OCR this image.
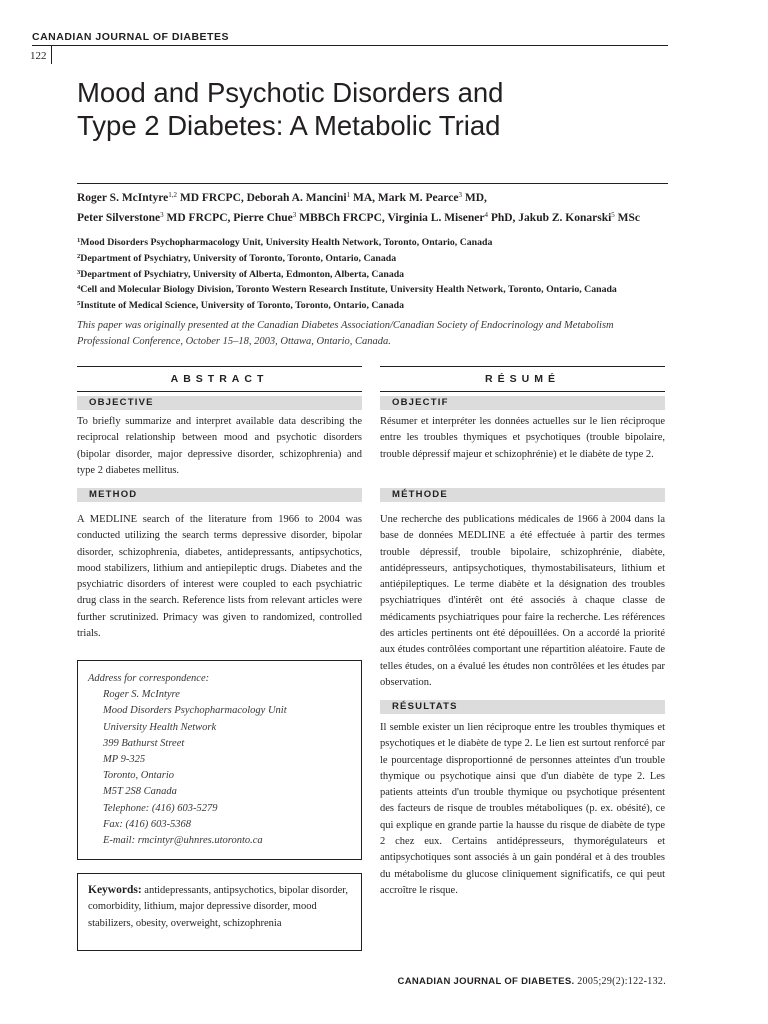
CANADIAN JOURNAL OF DIABETES
122
Mood and Psychotic Disorders and
Type 2 Diabetes: A Metabolic Triad
Roger S. McIntyre$^{1,2}$ MD FRCPC, Deborah A. Mancini$^1$ MA, Mark M. Pearce$^3$ MD,
Peter Silverstone$^3$ MD FRCPC, Pierre Chue$^3$ MBBCh FRCPC, Virginia L. Misener$^4$ PhD, Jakub Z. Konarski$^5$ MSc
$^1$Mood Disorders Psychopharmacology Unit, University Health Network, Toronto, Ontario, Canada
$^2$Department of Psychiatry, University of Toronto, Toronto, Ontario, Canada
$^3$Department of Psychiatry, University of Alberta, Edmonton, Alberta, Canada
$^4$Cell and Molecular Biology Division, Toronto Western Research Institute, University Health Network, Toronto, Ontario, Canada
$^5$Institute of Medical Science, University of Toronto, Toronto, Ontario, Canada
This paper was originally presented at the Canadian Diabetes Association/Canadian Society of Endocrinology and Metabolism
Professional Conference, October 15–18, 2003, Ottawa, Ontario, Canada.
ABSTRACT
OBJECTIVE
To briefly summarize and interpret available data describing the reciprocal relationship between mood and psychotic disorders (bipolar disorder, major depressive disorder, schizophrenia) and type 2 diabetes mellitus.
METHOD
A MEDLINE search of the literature from 1966 to 2004 was conducted utilizing the search terms depressive disorder, bipolar disorder, schizophrenia, diabetes, antidepressants, antipsychotics, mood stabilizers, lithium and antiepileptic drugs. Diabetes and the psychiatric disorders of interest were coupled to each psychiatric drug class in the search. Reference lists from relevant articles were further scrutinized. Primacy was given to randomized, controlled trials.
Address for correspondence:
Roger S. McIntyre
Mood Disorders Psychopharmacology Unit
University Health Network
399 Bathurst Street
MP 9-325
Toronto, Ontario
M5T 2S8 Canada
Telephone: (416) 603-5279
Fax: (416) 603-5368
E-mail: rmcintyr@uhnres.utoronto.ca
Keywords: antidepressants, antipsychotics, bipolar disorder, comorbidity, lithium, major depressive disorder, mood stabilizers, obesity, overweight, schizophrenia
RÉSUMÉ
OBJECTIF
Résumer et interpréter les données actuelles sur le lien réciproque entre les troubles thymiques et psychotiques (trouble bipolaire, trouble dépressif majeur et schizophrénie) et le diabète de type 2.
MÉTHODE
Une recherche des publications médicales de 1966 à 2004 dans la base de données MEDLINE a été effectuée à partir des termes trouble dépressif, trouble bipolaire, schizophrénie, diabète, antidépresseurs, antipsychotiques, thymostabilisateurs, lithium et antiépileptiques. Le terme diabète et la désignation des troubles psychiatriques d'intérêt ont été associés à chaque classe de médicaments psychiatriques pour faire la recherche. Les références des articles pertinents ont été dépouillées. On a accordé la priorité aux études contrôlées comportant une répartition aléatoire. Faute de telles études, on a évalué les études non contrôlées et les études par observation.
RÉSULTATS
Il semble exister un lien réciproque entre les troubles thymiques et psychotiques et le diabète de type 2. Le lien est surtout renforcé par le pourcentage disproportionné de personnes atteintes d'un trouble thymique ou psychotique ainsi que d'un diabète de type 2. Les patients atteints d'un trouble thymique ou psychotique présentent des facteurs de risque de troubles métaboliques (p. ex. obésité), ce qui explique en grande partie la hausse du risque de diabète de type 2 chez eux. Certains antidépresseurs, thymorégulateurs et antipsychotiques sont associés à un gain pondéral et à des troubles du métabolisme du glucose cliniquement significatifs, ce qui peut accroître le risque.
CANADIAN JOURNAL OF DIABETES. 2005;29(2):122-132.
